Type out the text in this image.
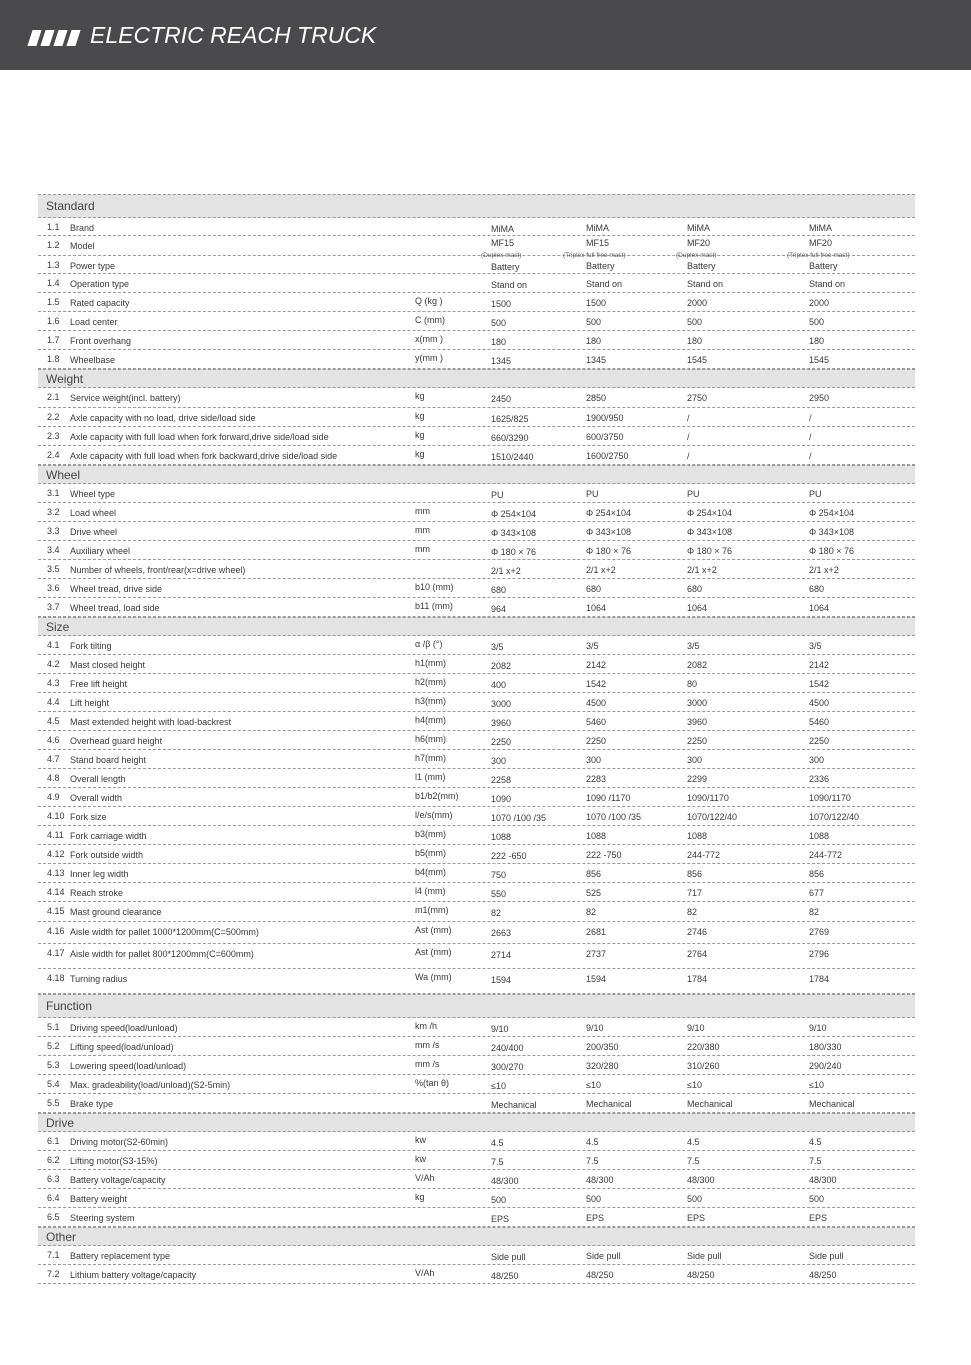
ELECTRIC REACH TRUCK
Standard
1.1 Brand	MiMA	MiMA	MiMA	MiMA
1.2 Model	MF15	MF15	MF20	MF20
(Duplex mast)	(Triplex full free mast)	(Duplex mast)	(Triplex full free mast)
1.3 Power type	Battery	Battery	Battery	Battery
1.4 Operation type	Stand on	Stand on	Stand on	Stand on
1.5 Rated capacity	Q (kg )	1500	1500	2000	2000
1.6 Load center	C (mm)	500	500	500	500
1.7 Front overhang	x(mm )	180	180	180	180
1.8 Wheelbase	y(mm )	1345	1345	1545	1545
Weight
2.1 Service weight(incl. battery)	kg	2450	2850	2750	2950
2.2 Axle capacity with no load, drive side/load side	kg	1625/825	1900/950	/	/
2.3 Axle capacity with full load when fork forward,drive side/load side	kg	660/3290	600/3750	/	/
2.4 Axle capacity with full load when fork backward,drive side/load side	kg	1510/2440	1600/2750	/	/
Wheel
3.1 Wheel type	PU	PU	PU	PU
3.2 Load wheel	mm	Φ 254×104	Φ 254×104	Φ 254×104	Φ 254×104
3.3 Drive wheel	mm	Φ 343×108	Φ 343×108	Φ 343×108	Φ 343×108
3.4 Auxiliary wheel	mm	Φ 180 × 76	Φ 180 × 76	Φ 180 × 76	Φ 180 × 76
3.5 Number of wheels, front/rear(x=drive wheel)	2/1 x+2	2/1 x+2	2/1 x+2	2/1 x+2
3.6 Wheel tread, drive side	b10 (mm)	680	680	680	680
3.7 Wheel tread, load side	b11 (mm)	964	1064	1064	1064
Size
4.1 Fork tilting	α /β (°)	3/5	3/5	3/5	3/5
4.2 Mast closed height	h1(mm)	2082	2142	2082	2142
4.3 Free lift height	h2(mm)	400	1542	80	1542
4.4 Lift height	h3(mm)	3000	4500	3000	4500
4.5 Mast extended height with load-backrest	h4(mm)	3960	5460	3960	5460
4.6 Overhead guard height	h6(mm)	2250	2250	2250	2250
4.7 Stand board height	h7(mm)	300	300	300	300
4.8 Overall length	l1 (mm)	2258	2283	2299	2336
4.9 Overall width	b1/b2(mm)	1090	1090 /1170	1090/1170	1090/1170
4.10 Fork size	l/e/s(mm)	1070 /100 /35	1070 /100 /35	1070/122/40	1070/122/40
4.11 Fork carriage width	b3(mm)	1088	1088	1088	1088
4.12 Fork outside width	b5(mm)	222 -650	222 -750	244-772	244-772
4.13 Inner leg width	b4(mm)	750	856	856	856
4.14 Reach stroke	l4 (mm)	550	525	717	677
4.15 Mast ground clearance	m1(mm)	82	82	82	82
4.16 Aisle width for pallet 1000*1200mm(C=500mm)	Ast (mm)	2663	2681	2746	2769
4.17 Aisle width for pallet 800*1200mm(C=600mm)	Ast (mm)	2714	2737	2764	2796
4.18 Turning radius	Wa (mm)	1594	1594	1784	1784
Function
5.1 Driving speed(load/unload)	km /h	9/10	9/10	9/10	9/10
5.2 Lifting speed(load/unload)	mm /s	240/400	200/350	220/380	180/330
5.3 Lowering speed(load/unload)	mm /s	300/270	320/280	310/260	290/240
5.4 Max. gradeability(load/unload)(S2-5min)	%(tan θ)	≤10	≤10	≤10	≤10
5.5 Brake type	Mechanical	Mechanical	Mechanical	Mechanical
Drive
6.1 Driving motor(S2-60min)	kw	4.5	4.5	4.5	4.5
6.2 Lifting motor(S3-15%)	kw	7.5	7.5	7.5	7.5
6.3 Battery voltage/capacity	V/Ah	48/300	48/300	48/300	48/300
6.4 Battery weight	kg	500	500	500	500
6.5 Steering system	EPS	EPS	EPS	EPS
Other
7.1 Battery replacement type	Side pull	Side pull	Side pull	Side pull
7.2 Lithium battery voltage/capacity	V/Ah	48/250	48/250	48/250	48/250
